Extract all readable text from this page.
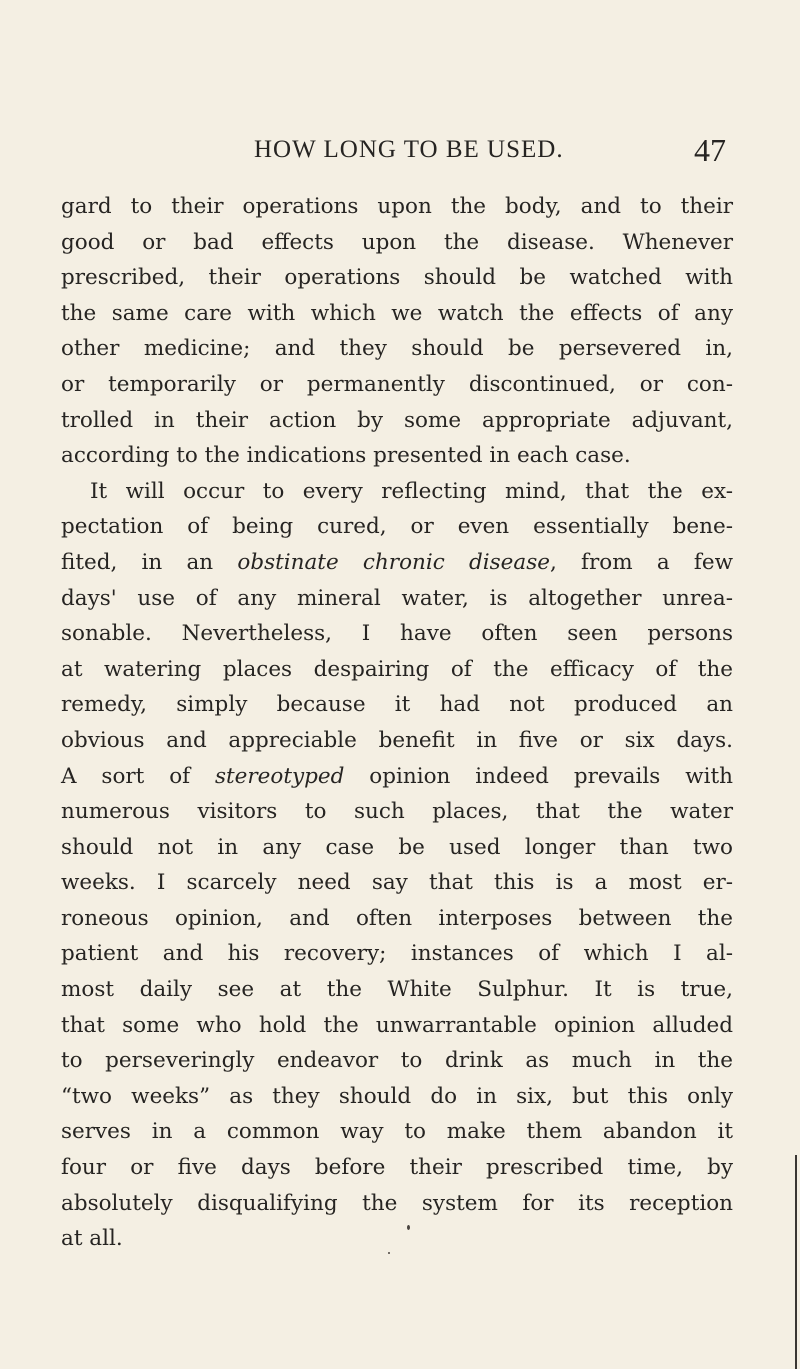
HOW LONG TO BE USED.	47
gard to their operations upon the body, and to their
good or bad effects upon the disease. Whenever
prescribed, their operations should be watched with
the same care with which we watch the effects of any
other medicine; and they should be persevered in,
or temporarily or permanently discontinued, or con-
trolled in their action by some appropriate adjuvant,
according to the indications presented in each case.
It will occur to every reflecting mind, that the ex-
pectation of being cured, or even essentially bene-
fited, in an obstinate chronic disease, from a few
days' use of any mineral water, is altogether unrea-
sonable. Nevertheless, I have often seen persons
at watering places despairing of the efficacy of the
remedy, simply because it had not produced an
obvious and appreciable benefit in five or six days.
A sort of stereotyped opinion indeed prevails with
numerous visitors to such places, that the water
should not in any case be used longer than two
weeks. I scarcely need say that this is a most er-
roneous opinion, and often interposes between the
patient and his recovery; instances of which I al-
most daily see at the White Sulphur. It is true,
that some who hold the unwarrantable opinion alluded
to perseveringly endeavor to drink as much in the
“two weeks” as they should do in six, but this only
serves in a common way to make them abandon it
four or five days before their prescribed time, by
absolutely disqualifying the system for its reception
at all.
